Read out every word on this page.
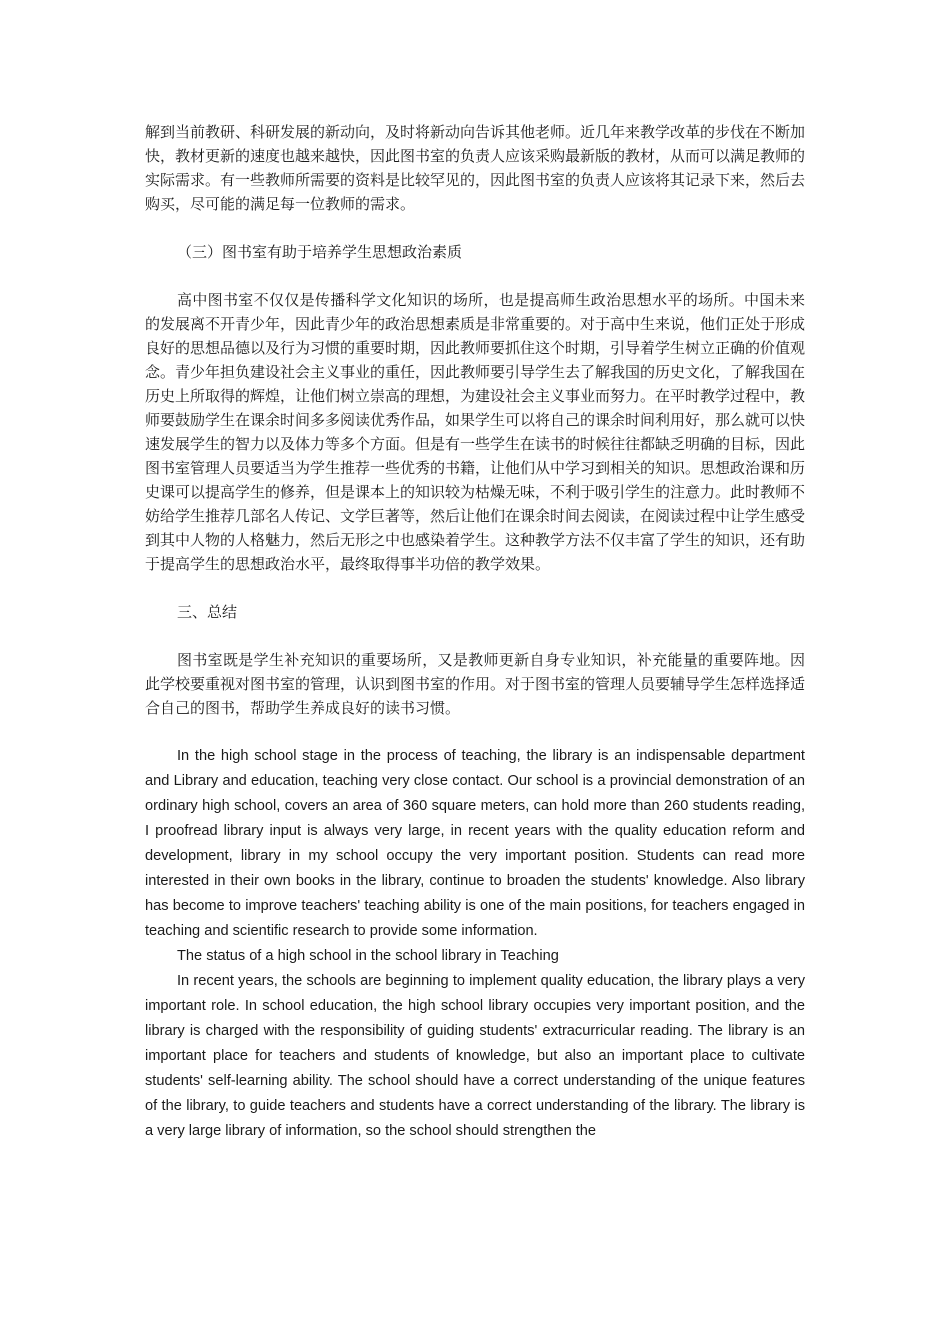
解到当前教研、科研发展的新动向，及时将新动向告诉其他老师。近几年来教学改革的步伐在不断加快，教材更新的速度也越来越快，因此图书室的负责人应该采购最新版的教材，从而可以满足教师的实际需求。有一些教师所需要的资料是比较罕见的，因此图书室的负责人应该将其记录下来，然后去购买，尽可能的满足每一位教师的需求。

（三）图书室有助于培养学生思想政治素质

高中图书室不仅仅是传播科学文化知识的场所，也是提高师生政治思想水平的场所。中国未来的发展离不开青少年，因此青少年的政治思想素质是非常重要的。对于高中生来说，他们正处于形成良好的思想品德以及行为习惯的重要时期，因此教师要抓住这个时期，引导着学生树立正确的价值观念。青少年担负建设社会主义事业的重任，因此教师要引导学生去了解我国的历史文化，了解我国在历史上所取得的辉煌，让他们树立崇高的理想，为建设社会主义事业而努力。在平时教学过程中，教师要鼓励学生在课余时间多多阅读优秀作品，如果学生可以将自己的课余时间利用好，那么就可以快速发展学生的智力以及体力等多个方面。但是有一些学生在读书的时候往往都缺乏明确的目标，因此图书室管理人员要适当为学生推荐一些优秀的书籍，让他们从中学习到相关的知识。思想政治课和历史课可以提高学生的修养，但是课本上的知识较为枯燥无味，不利于吸引学生的注意力。此时教师不妨给学生推荐几部名人传记、文学巨著等，然后让他们在课余时间去阅读，在阅读过程中让学生感受到其中人物的人格魅力，然后无形之中也感染着学生。这种教学方法不仅丰富了学生的知识，还有助于提高学生的思想政治水平，最终取得事半功倍的教学效果。

三、总结

图书室既是学生补充知识的重要场所，又是教师更新自身专业知识，补充能量的重要阵地。因此学校要重视对图书室的管理，认识到图书室的作用。对于图书室的管理人员要辅导学生怎样选择适合自己的图书，帮助学生养成良好的读书习惯。

In the high school stage in the process of teaching, the library is an indispensable department and Library and education, teaching very close contact. Our school is a provincial demonstration of an ordinary high school, covers an area of 360 square meters, can hold more than 260 students reading, I proofread library input is always very large, in recent years with the quality education reform and development, library in my school occupy the very important position. Students can read more interested in their own books in the library, continue to broaden the students' knowledge. Also library has become to improve teachers' teaching ability is one of the main positions, for teachers engaged in teaching and scientific research to provide some information.

The status of a high school in the school library in Teaching

In recent years, the schools are beginning to implement quality education, the library plays a very important role. In school education, the high school library occupies very important position, and the library is charged with the responsibility of guiding students' extracurricular reading. The library is an important place for teachers and students of knowledge, but also an important place to cultivate students' self-learning ability. The school should have a correct understanding of the unique features of the library, to guide teachers and students have a correct understanding of the library. The library is a very large library of information, so the school should strengthen the
